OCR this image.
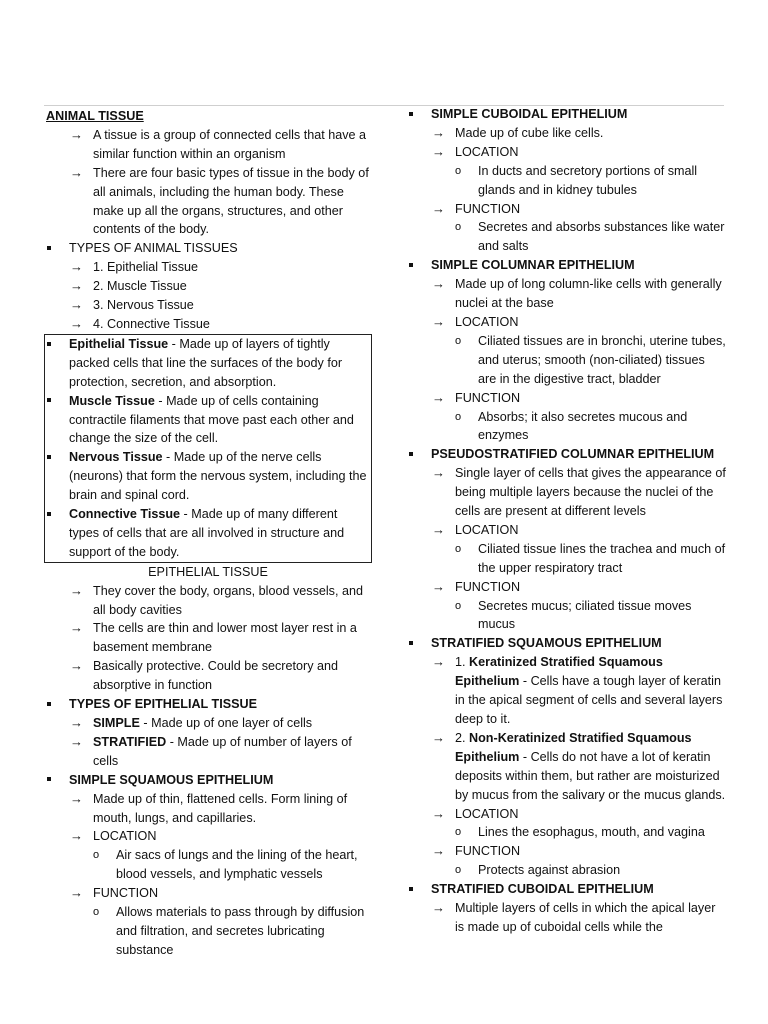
ANIMAL TISSUE
→ A tissue is a group of connected cells that have a similar function within an organism
→ There are four basic types of tissue in the body of all animals, including the human body. These make up all the organs, structures, and other contents of the body.
TYPES OF ANIMAL TISSUES
→ 1. Epithelial Tissue
→ 2. Muscle Tissue
→ 3. Nervous Tissue
→ 4. Connective Tissue
Epithelial Tissue - Made up of layers of tightly packed cells that line the surfaces of the body for protection, secretion, and absorption.
Muscle Tissue - Made up of cells containing contractile filaments that move past each other and change the size of the cell.
Nervous Tissue - Made up of the nerve cells (neurons) that form the nervous system, including the brain and spinal cord.
Connective Tissue - Made up of many different types of cells that are all involved in structure and support of the body.
EPITHELIAL TISSUE
→ They cover the body, organs, blood vessels, and all body cavities
→ The cells are thin and lower most layer rest in a basement membrane
→ Basically protective. Could be secretory and absorptive in function
TYPES OF EPITHELIAL TISSUE
→ SIMPLE - Made up of one layer of cells
→ STRATIFIED - Made up of number of layers of cells
SIMPLE SQUAMOUS EPITHELIUM
→ Made up of thin, flattened cells. Form lining of mouth, lungs, and capillaries.
→ LOCATION
o Air sacs of lungs and the lining of the heart, blood vessels, and lymphatic vessels
→ FUNCTION
o Allows materials to pass through by diffusion and filtration, and secretes lubricating substance
SIMPLE CUBOIDAL EPITHELIUM
→ Made up of cube like cells.
→ LOCATION
o In ducts and secretory portions of small glands and in kidney tubules
→ FUNCTION
o Secretes and absorbs substances like water and salts
SIMPLE COLUMNAR EPITHELIUM
→ Made up of long column-like cells with generally nuclei at the base
→ LOCATION
o Ciliated tissues are in bronchi, uterine tubes, and uterus; smooth (non-ciliated) tissues are in the digestive tract, bladder
→ FUNCTION
o Absorbs; it also secretes mucous and enzymes
PSEUDOSTRATIFIED COLUMNAR EPITHELIUM
→ Single layer of cells that gives the appearance of being multiple layers because the nuclei of the cells are present at different levels
→ LOCATION
o Ciliated tissue lines the trachea and much of the upper respiratory tract
→ FUNCTION
o Secretes mucus; ciliated tissue moves mucus
STRATIFIED SQUAMOUS EPITHELIUM
→ 1. Keratinized Stratified Squamous Epithelium - Cells have a tough layer of keratin in the apical segment of cells and several layers deep to it.
→ 2. Non-Keratinized Stratified Squamous Epithelium - Cells do not have a lot of keratin deposits within them, but rather are moisturized by mucus from the salivary or the mucus glands.
→ LOCATION
o Lines the esophagus, mouth, and vagina
→ FUNCTION
o Protects against abrasion
STRATIFIED CUBOIDAL EPITHELIUM
→ Multiple layers of cells in which the apical layer is made up of cuboidal cells while the
